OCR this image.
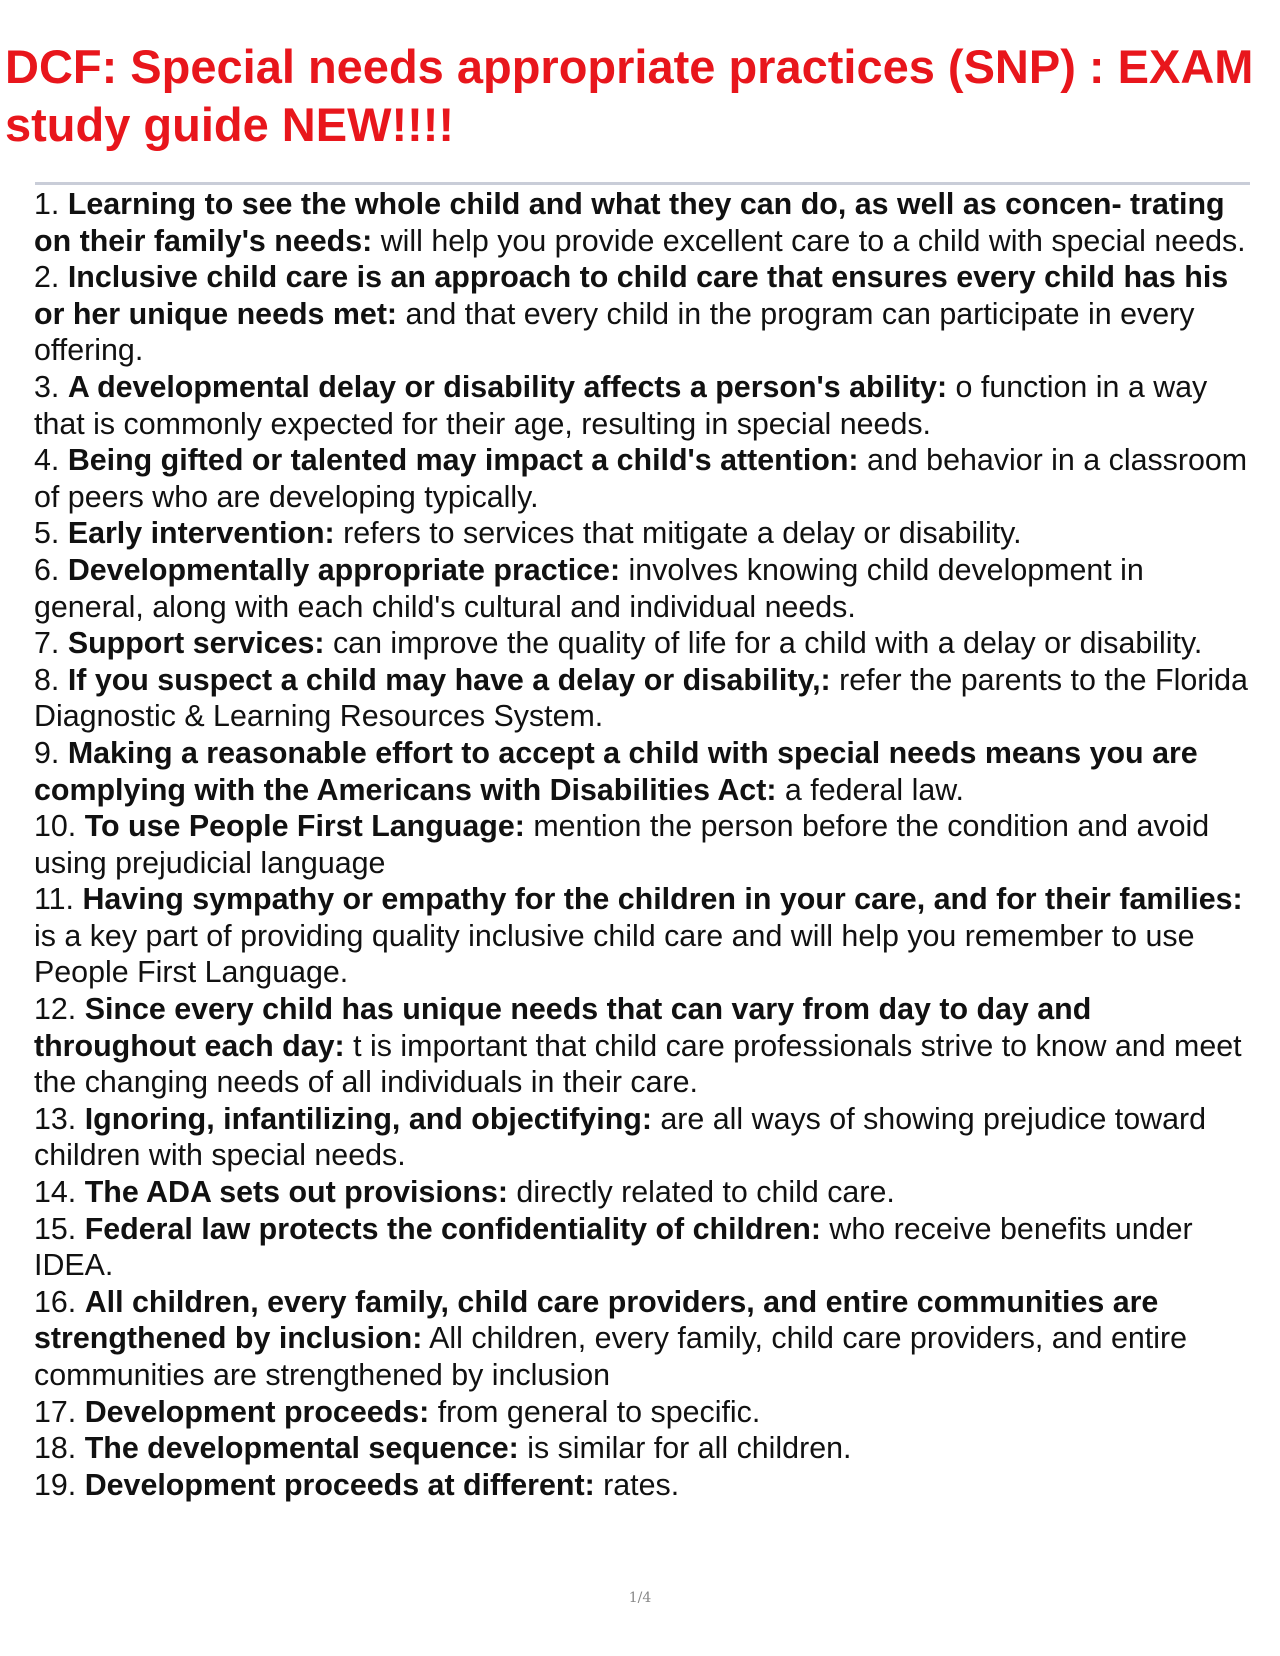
DCF: Special needs appropriate practices (SNP) : EXAM study guide NEW!!!!
1. Learning to see the whole child and what they can do, as well as concen- trating on their family's needs: will help you provide excellent care to a child with special needs.
2. Inclusive child care is an approach to child care that ensures every child has his or her unique needs met: and that every child in the program can participate in every offering.
3. A developmental delay or disability affects a person's ability: o function in a way that is commonly expected for their age, resulting in special needs.
4. Being gifted or talented may impact a child's attention: and behavior in a classroom of peers who are developing typically.
5. Early intervention: refers to services that mitigate a delay or disability.
6. Developmentally appropriate practice: involves knowing child development in general, along with each child's cultural and individual needs.
7. Support services: can improve the quality of life for a child with a delay or disability.
8. If you suspect a child may have a delay or disability,: refer the parents to the Florida Diagnostic & Learning Resources System.
9. Making a reasonable effort to accept a child with special needs means you are complying with the Americans with Disabilities Act: a federal law.
10. To use People First Language: mention the person before the condition and avoid using prejudicial language
11. Having sympathy or empathy for the children in your care, and for their families: is a key part of providing quality inclusive child care and will help you remember to use People First Language.
12. Since every child has unique needs that can vary from day to day and throughout each day: t is important that child care professionals strive to know and meet the changing needs of all individuals in their care.
13. Ignoring, infantilizing, and objectifying: are all ways of showing prejudice toward children with special needs.
14. The ADA sets out provisions: directly related to child care.
15. Federal law protects the confidentiality of children: who receive benefits under IDEA.
16. All children, every family, child care providers, and entire communities are strengthened by inclusion: All children, every family, child care providers, and entire communities are strengthened by inclusion
17. Development proceeds: from general to specific.
18. The developmental sequence: is similar for all children.
19. Development proceeds at different: rates.
1/4
